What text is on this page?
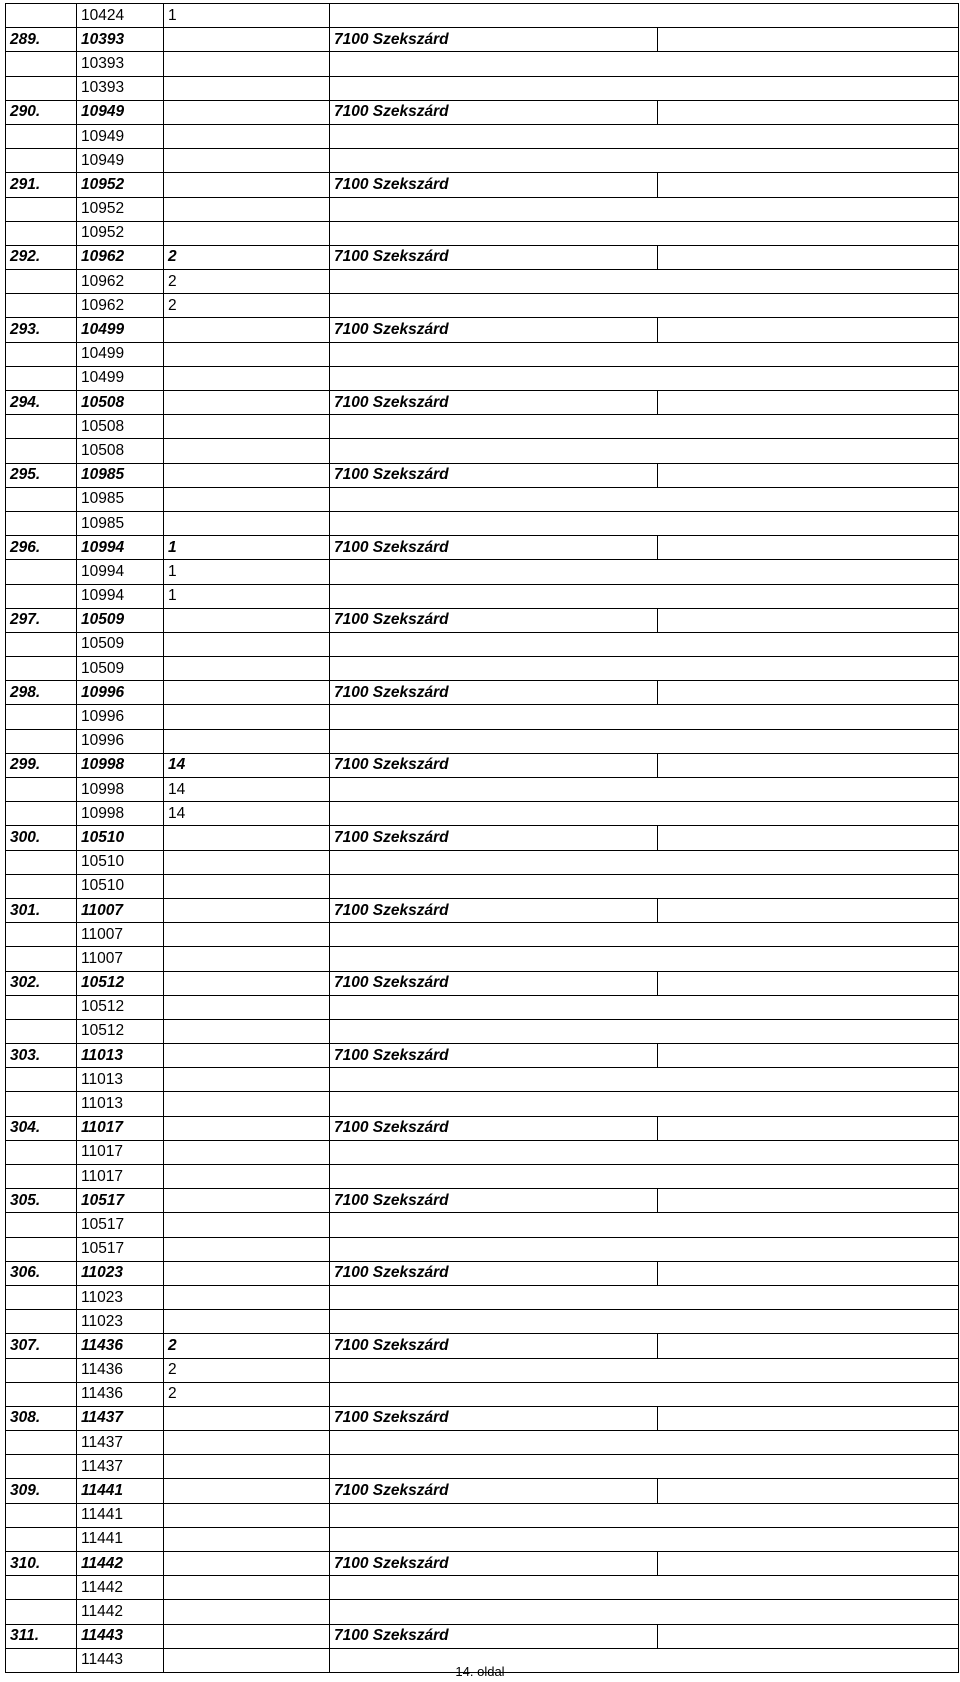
	10424	1		
289.	10393		7100 Szekszárd		
	10393			
	10393			
290.	10949		7100 Szekszárd		
	10949			
	10949			
291.	10952		7100 Szekszárd		
	10952			
	10952			
292.	10962	2	7100 Szekszárd		
	10962	2		
	10962	2		
293.	10499		7100 Szekszárd		
	10499			
	10499			
294.	10508		7100 Szekszárd		
	10508			
	10508			
295.	10985		7100 Szekszárd		
	10985			
	10985			
296.	10994	1	7100 Szekszárd		
	10994	1		
	10994	1		
297.	10509		7100 Szekszárd		
	10509			
	10509			
298.	10996		7100 Szekszárd		
	10996			
	10996			
299.	10998	14	7100 Szekszárd		
	10998	14		
	10998	14		
300.	10510		7100 Szekszárd		
	10510			
	10510			
301.	11007		7100 Szekszárd		
	11007			
	11007			
302.	10512		7100 Szekszárd		
	10512			
	10512			
303.	11013		7100 Szekszárd		
	11013			
	11013			
304.	11017		7100 Szekszárd		
	11017			
	11017			
305.	10517		7100 Szekszárd		
	10517			
	10517			
306.	11023		7100 Szekszárd		
	11023			
	11023			
307.	11436	2	7100 Szekszárd		
	11436	2		
	11436	2		
308.	11437		7100 Szekszárd		
	11437			
	11437			
309.	11441		7100 Szekszárd		
	11441			
	11441			
310.	11442		7100 Szekszárd		
	11442			
	11442			
311.	11443		7100 Szekszárd		
	11443			
14. oldal
